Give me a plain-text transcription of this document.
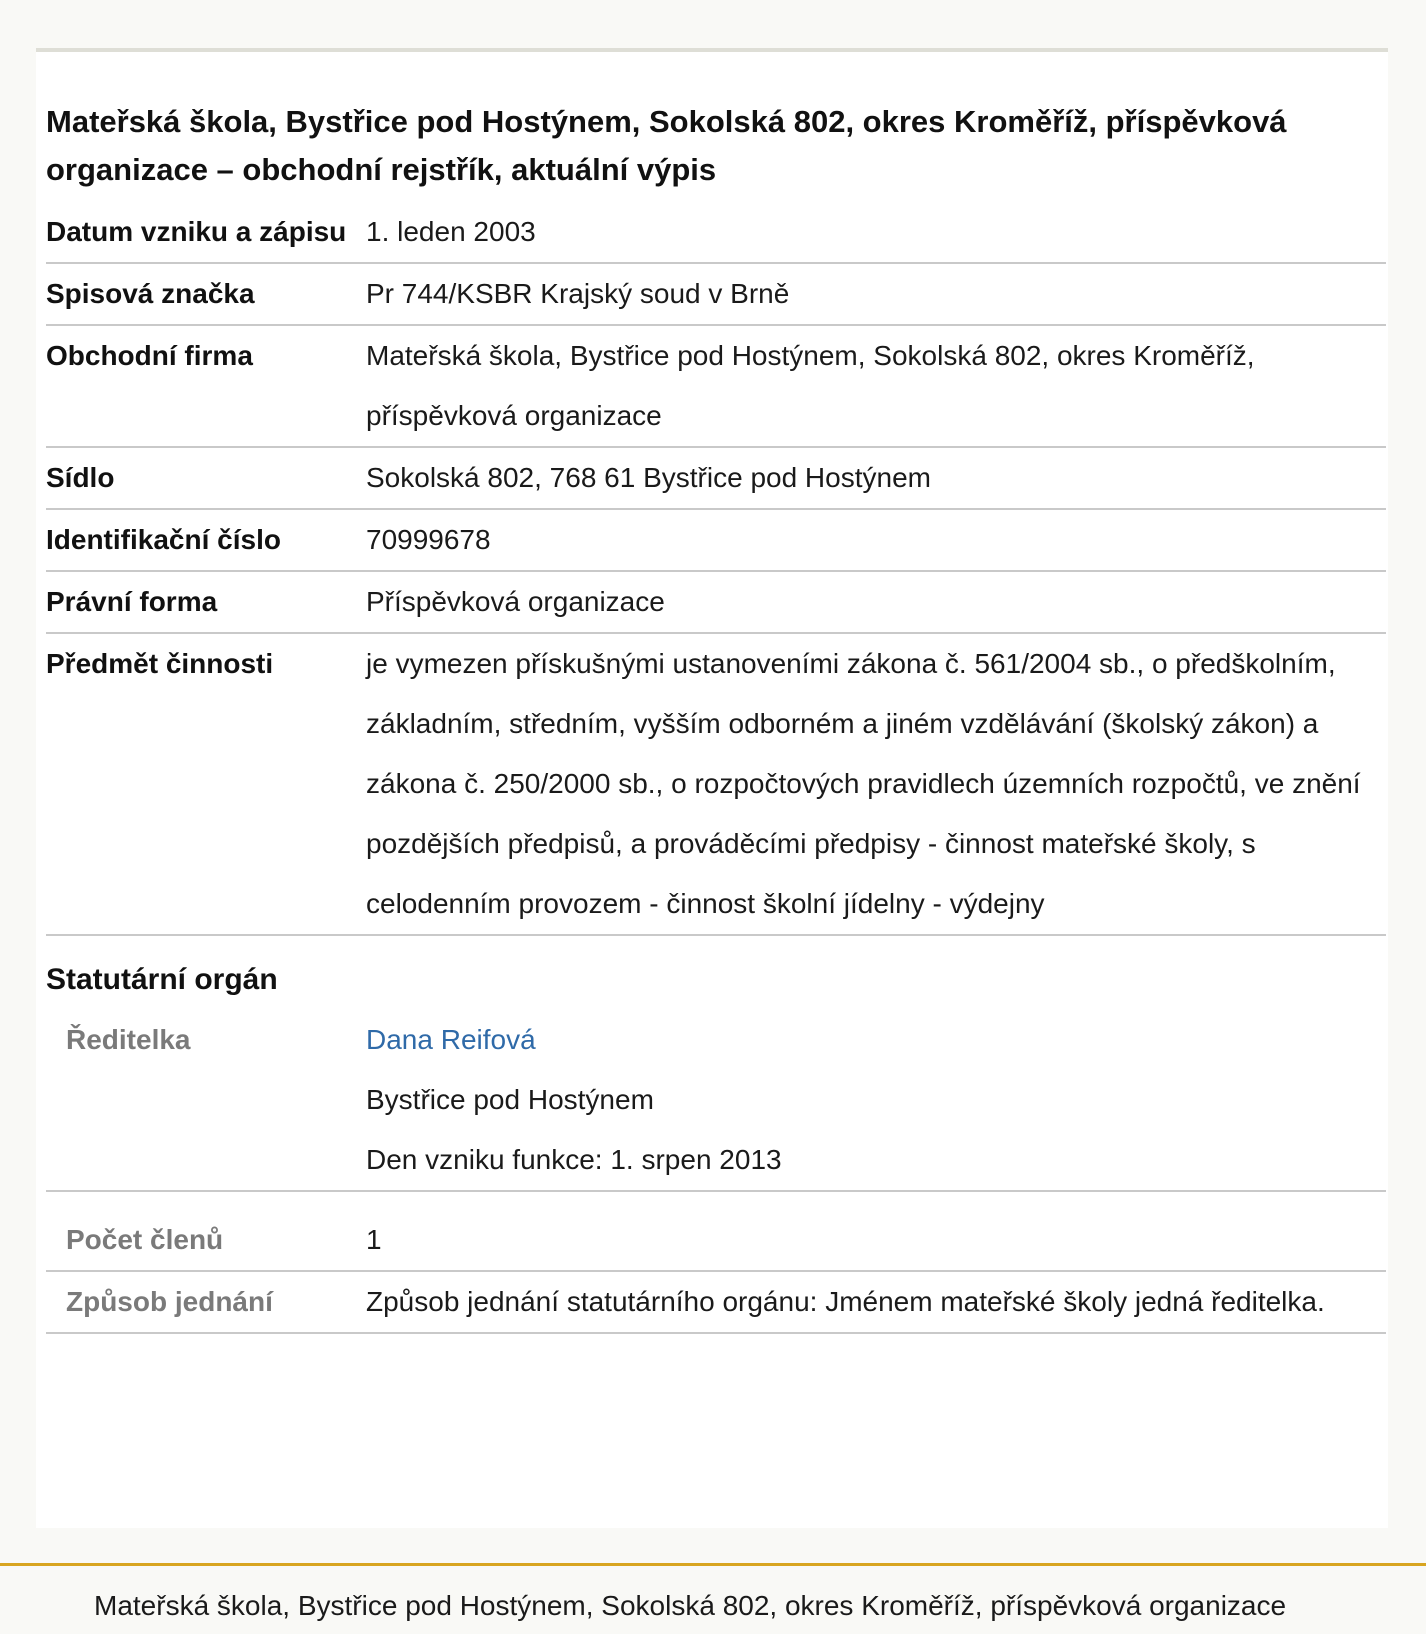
Mateřská škola, Bystřice pod Hostýnem, Sokolská 802, okres Kroměříž, příspěvková organizace – obchodní rejstřík, aktuální výpis
Datum vzniku a zápisu 1. leden 2003
Spisová značka	Pr 744/KSBR Krajský soud v Brně
Obchodní firma	Mateřská škola, Bystřice pod Hostýnem, Sokolská 802, okres Kroměříž, příspěvková organizace
Sídlo	Sokolská 802, 768 61 Bystřice pod Hostýnem
Identifikační číslo	70999678
Právní forma	Příspěvková organizace
Předmět činnosti	je vymezen přískušnými ustanoveními zákona č. 561/2004 sb., o předškolním, základním, středním, vyšším odborném a jiném vzdělávání (školský zákon) a zákona č. 250/2000 sb., o rozpočtových pravidlech územních rozpočtů, ve znění pozdějších předpisů, a prováděcími předpisy - činnost mateřské školy, s celodenním provozem - činnost školní jídelny - výdejny
Statutární orgán
Ředitelka	Dana Reifová
Bystřice pod Hostýnem
Den vzniku funkce: 1. srpen 2013
Počet členů	1
Způsob jednání	Způsob jednání statutárního orgánu: Jménem mateřské školy jedná ředitelka.
Mateřská škola, Bystřice pod Hostýnem, Sokolská 802, okres Kroměříž, příspěvková organizace
